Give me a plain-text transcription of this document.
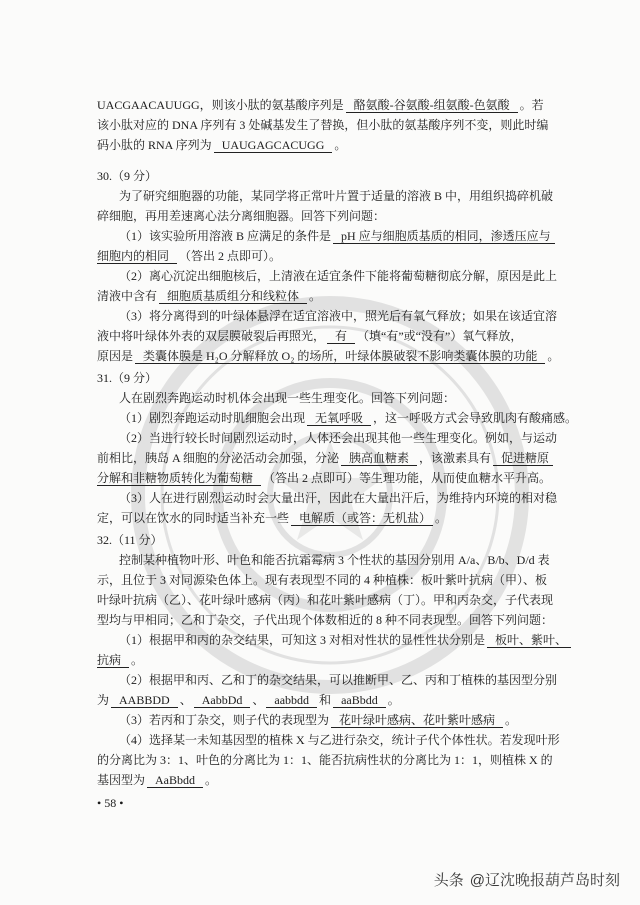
UACGAACAUUGG，则该小肽的氨基酸序列是 酪氨酸-谷氨酸-组氨酸-色氨酸 。若
该小肽对应的 DNA 序列有 3 处碱基发生了替换，但小肽的氨基酸序列不变，则此时编
码小肽的 RNA 序列为 UAUGAGCACUGG 。
30.（9 分）
为了研究细胞器的功能，某同学将正常叶片置于适量的溶液 B 中，用组织捣碎机破
碎细胞，再用差速离心法分离细胞器。回答下列问题：
（1）该实验所用溶液 B 应满足的条件是 pH 应与细胞质基质的相同，渗透压应与
细胞内的相同 （答出 2 点即可）。
（2）离心沉淀出细胞核后，上清液在适宜条件下能将葡萄糖彻底分解，原因是此上
清液中含有 细胞质基质组分和线粒体 。
（3）将分离得到的叶绿体悬浮在适宜溶液中，照光后有氧气释放；如果在该适宜溶
液中将叶绿体外表的双层膜破裂后再照光， 有 （填“有”或“没有”）氧气释放，
原因是 类囊体膜是 H₂O 分解释放 O₂ 的场所，叶绿体膜破裂不影响类囊体膜的功能 。
31.（9 分）
人在剧烈奔跑运动时机体会出现一些生理变化。回答下列问题：
（1）剧烈奔跑运动时肌细胞会出现 无氧呼吸 ，这一呼吸方式会导致肌肉有酸痛感。
（2）当进行较长时间剧烈运动时，人体还会出现其他一些生理变化。例如，与运动
前相比，胰岛 A 细胞的分泌活动会加强，分泌 胰高血糖素 ，该激素具有 促进糖原
分解和非糖物质转化为葡萄糖 （答出 2 点即可）等生理功能，从而使血糖水平升高。
（3）人在进行剧烈运动时会大量出汗，因此在大量出汗后，为维持内环境的相对稳
定，可以在饮水的同时适当补充一些 电解质（或答：无机盐） 。
32.（11 分）
控制某种植物叶形、叶色和能否抗霜霉病 3 个性状的基因分别用 A/a、B/b、D/d 表
示，且位于 3 对同源染色体上。现有表现型不同的 4 种植株：板叶紫叶抗病（甲）、板
叶绿叶抗病（乙）、花叶绿叶感病（丙）和花叶紫叶感病（丁）。甲和丙杂交，子代表现
型均与甲相同；乙和丁杂交，子代出现个体数相近的 8 种不同表现型。回答下列问题：
（1）根据甲和丙的杂交结果，可知这 3 对相对性状的显性性状分别是 板叶、紫叶、
抗病 。
（2）根据甲和丙、乙和丁的杂交结果，可以推断甲、乙、丙和丁植株的基因型分别
为 AABBDD 、 AabbDd 、 aabbdd 和 aaBbdd 。
（3）若丙和丁杂交，则子代的表现型为 花叶绿叶感病、花叶紫叶感病 。
（4）选择某一未知基因型的植株 X 与乙进行杂交，统计子代个体性状。若发现叶形
的分离比为 3：1、叶色的分离比为 1：1、能否抗病性状的分离比为 1：1，则植株 X 的
基因型为 AaBbdd 。
• 58 •
头条 @辽沈晚报葫芦岛时刻
